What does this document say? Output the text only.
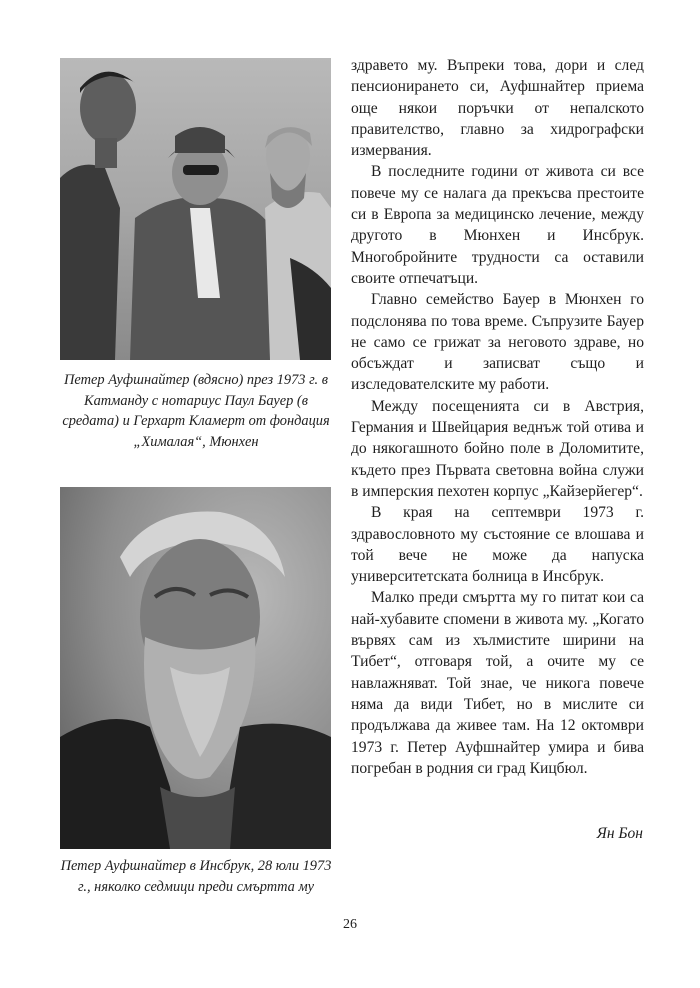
Петер Ауфшнайтер (вдясно) през 1973 г. в Катманду с нотариус Паул Бауер (в средата) и Герхарт Кламерт от фондация „Хималая“, Мюнхен
Петер Ауфшнайтер в Инсбрук, 28 юли 1973 г., няколко седмици преди смъртта му

здравето му. Въпреки това, дори и след пенсионирането си, Ауфшнайтер приема още някои поръчки от непалското правителство, главно за хидрографски измервания.

В последните години от живота си все повече му се налага да прекъсва престоите си в Европа за медицинско лечение, между другото в Мюнхен и Инсбрук. Многобройните трудности са оставили своите отпечатъци.

Главно семейство Бауер в Мюнхен го подслонява по това време. Съпрузите Бауер не само се грижат за неговото здраве, но обсъждат и записват също и изследователските му работи.

Между посещенията си в Австрия, Германия и Швейцария веднъж той отива и до някогашното бойно поле в Доломитите, където през Първата световна война служи в имперския пехотен корпус „Кайзерйегер“.

В края на септември 1973 г. здравословното му състояние се влошава и той вече не може да напуска университетската болница в Инсбрук.

Малко преди смъртта му го питат кои са най-хубавите спомени в живота му. „Когато вървях сам из хълмистите ширини на Тибет“, отговаря той, а очите му се навлажняват. Той знае, че никога повече няма да види Тибет, но в мислите си продължава да живее там. На 12 октомври 1973 г. Петер Ауфшнайтер умира и бива погребан в родния си град Кицбюл.

Ян Бон
26
